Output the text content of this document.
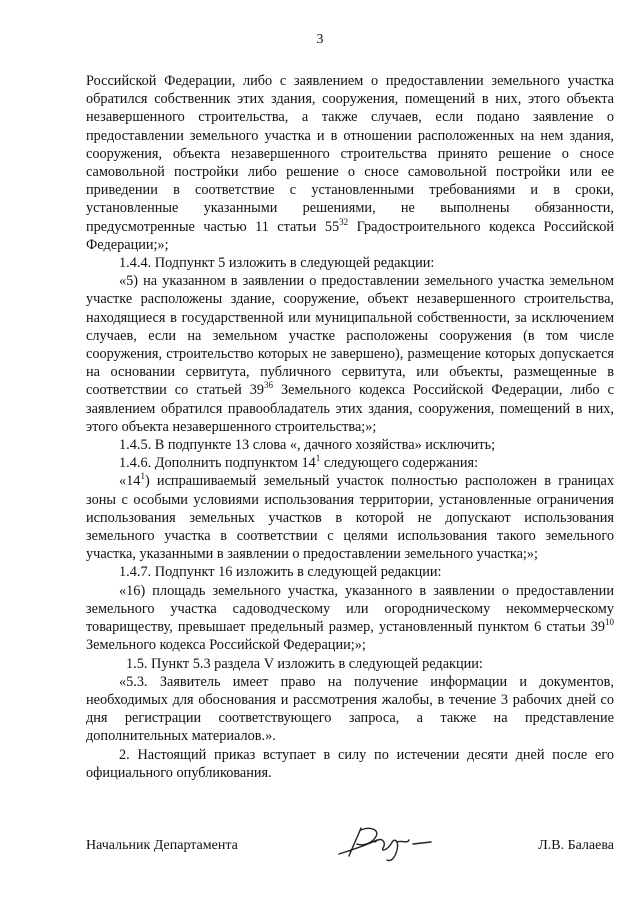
3

Российской Федерации, либо с заявлением о предоставлении земельного участка обратился собственник этих здания, сооружения, помещений в них, этого объекта незавершенного строительства, а также случаев, если подано заявление о предоставлении земельного участка и в отношении расположенных на нем здания, сооружения, объекта незавершенного строительства принято решение о сносе самовольной постройки либо решение о сносе самовольной постройки или ее приведении в соответствие с установленными требованиями и в сроки, установленные указанными решениями, не выполнены обязанности, предусмотренные частью 11 статьи $55^{32}$ Градостроительного кодекса Российской Федерации;»;

1.4.4. Подпункт 5 изложить в следующей редакции:

«5) на указанном в заявлении о предоставлении земельного участка земельном участке расположены здание, сооружение, объект незавершенного строительства, находящиеся в государственной или муниципальной собственности, за исключением случаев, если на земельном участке расположены сооружения (в том числе сооружения, строительство которых не завершено), размещение которых допускается на основании сервитута, публичного сервитута, или объекты, размещенные в соответствии со статьей $39^{36}$ Земельного кодекса Российской Федерации, либо с заявлением обратился правообладатель этих здания, сооружения, помещений в них, этого объекта незавершенного строительства;»;

1.4.5. В подпункте 13 слова «, дачного хозяйства» исключить;

1.4.6. Дополнить подпунктом $14^1$ следующего содержания:

«$14^1$) испрашиваемый земельный участок полностью расположен в границах зоны с особыми условиями использования территории, установленные ограничения использования земельных участков в которой не допускают использования земельного участка в соответствии с целями использования такого земельного участка, указанными в заявлении о предоставлении земельного участка;»;

1.4.7. Подпункт 16 изложить в следующей редакции:

«16) площадь земельного участка, указанного в заявлении о предоставлении земельного участка садоводческому или огородническому некоммерческому товариществу, превышает предельный размер, установленный пунктом 6 статьи $39^{10}$ Земельного кодекса Российской Федерации;»;

1.5. Пункт 5.3 раздела V изложить в следующей редакции:

«5.3. Заявитель имеет право на получение информации и документов, необходимых для обоснования и рассмотрения жалобы, в течение 3 рабочих дней со дня регистрации соответствующего запроса, а также на представление дополнительных материалов.».

2. Настоящий приказ вступает в силу по истечении десяти дней после его официального опубликования.

Начальник Департамента	Л.В. Балаева
